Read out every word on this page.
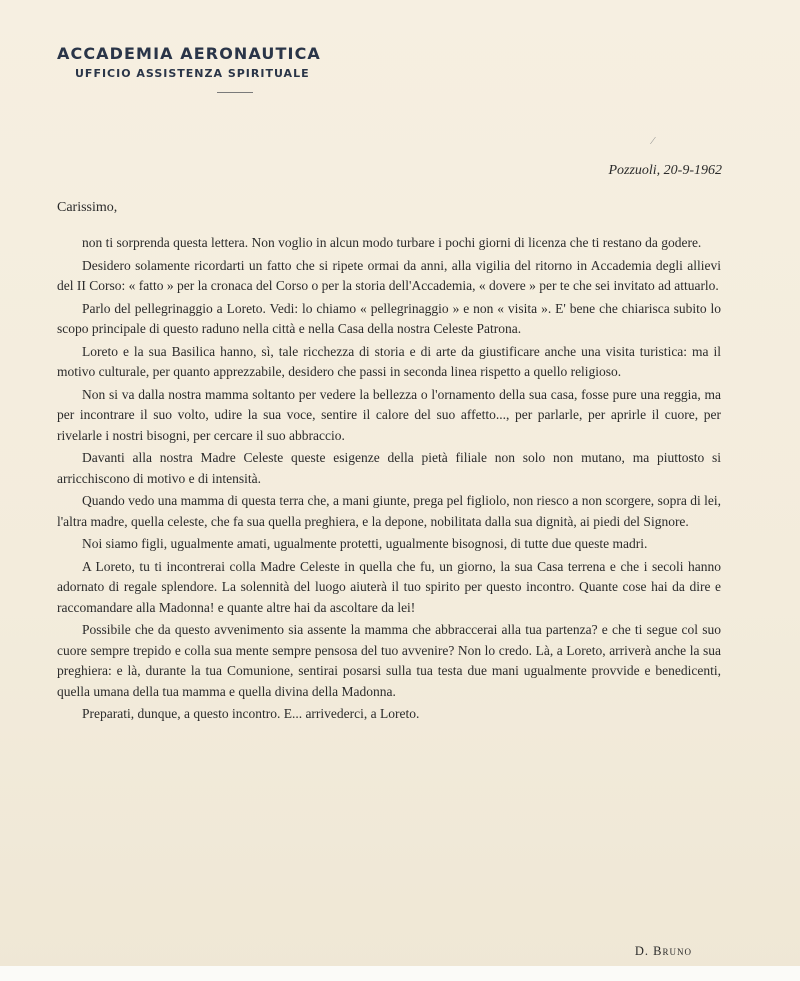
ACCADEMIA AERONAUTICA
UFFICIO ASSISTENZA SPIRITUALE
⁄
Pozzuoli, 20-9-1962
Carissimo,

non ti sorprenda questa lettera. Non voglio in alcun modo turbare i pochi giorni di licenza che ti restano da godere.

Desidero solamente ricordarti un fatto che si ripete ormai da anni, alla vigilia del ritorno in Accademia degli allievi del II Corso: « fatto » per la cronaca del Corso o per la storia dell'Accademia, « dovere » per te che sei invitato ad attuarlo.

Parlo del pellegrinaggio a Loreto. Vedi: lo chiamo « pellegrinaggio » e non « visita ». E' bene che chiarisca subito lo scopo principale di questo raduno nella città e nella Casa della nostra Celeste Patrona.

Loreto e la sua Basilica hanno, sì, tale ricchezza di storia e di arte da giustificare anche una visita turistica: ma il motivo culturale, per quanto apprezzabile, desidero che passi in seconda linea rispetto a quello religioso.

Non si va dalla nostra mamma soltanto per vedere la bellezza o l'ornamento della sua casa, fosse pure una reggia, ma per incontrare il suo volto, udire la sua voce, sentire il calore del suo affetto..., per parlarle, per aprirle il cuore, per rivelarle i nostri bisogni, per cercare il suo abbraccio.

Davanti alla nostra Madre Celeste queste esigenze della pietà filiale non solo non mutano, ma piuttosto si arricchiscono di motivo e di intensità.

Quando vedo una mamma di questa terra che, a mani giunte, prega pel figliolo, non riesco a non scorgere, sopra di lei, l'altra madre, quella celeste, che fa sua quella preghiera, e la depone, nobilitata dalla sua dignità, ai piedi del Signore.

Noi siamo figli, ugualmente amati, ugualmente protetti, ugualmente bisognosi, di tutte due queste madri.

A Loreto, tu ti incontrerai colla Madre Celeste in quella che fu, un giorno, la sua Casa terrena e che i secoli hanno adornato di regale splendore. La solennità del luogo aiuterà il tuo spirito per questo incontro. Quante cose hai da dire e raccomandare alla Madonna! e quante altre hai da ascoltare da lei!

Possibile che da questo avvenimento sia assente la mamma che abbraccerai alla tua partenza? e che ti segue col suo cuore sempre trepido e colla sua mente sempre pensosa del tuo avvenire? Non lo credo. Là, a Loreto, arriverà anche la sua preghiera: e là, durante la tua Comunione, sentirai posarsi sulla tua testa due mani ugualmente provvide e benedicenti, quella umana della tua mamma e quella divina della Madonna.

Preparati, dunque, a questo incontro. E... arrivederci, a Loreto.

D. Bruno
